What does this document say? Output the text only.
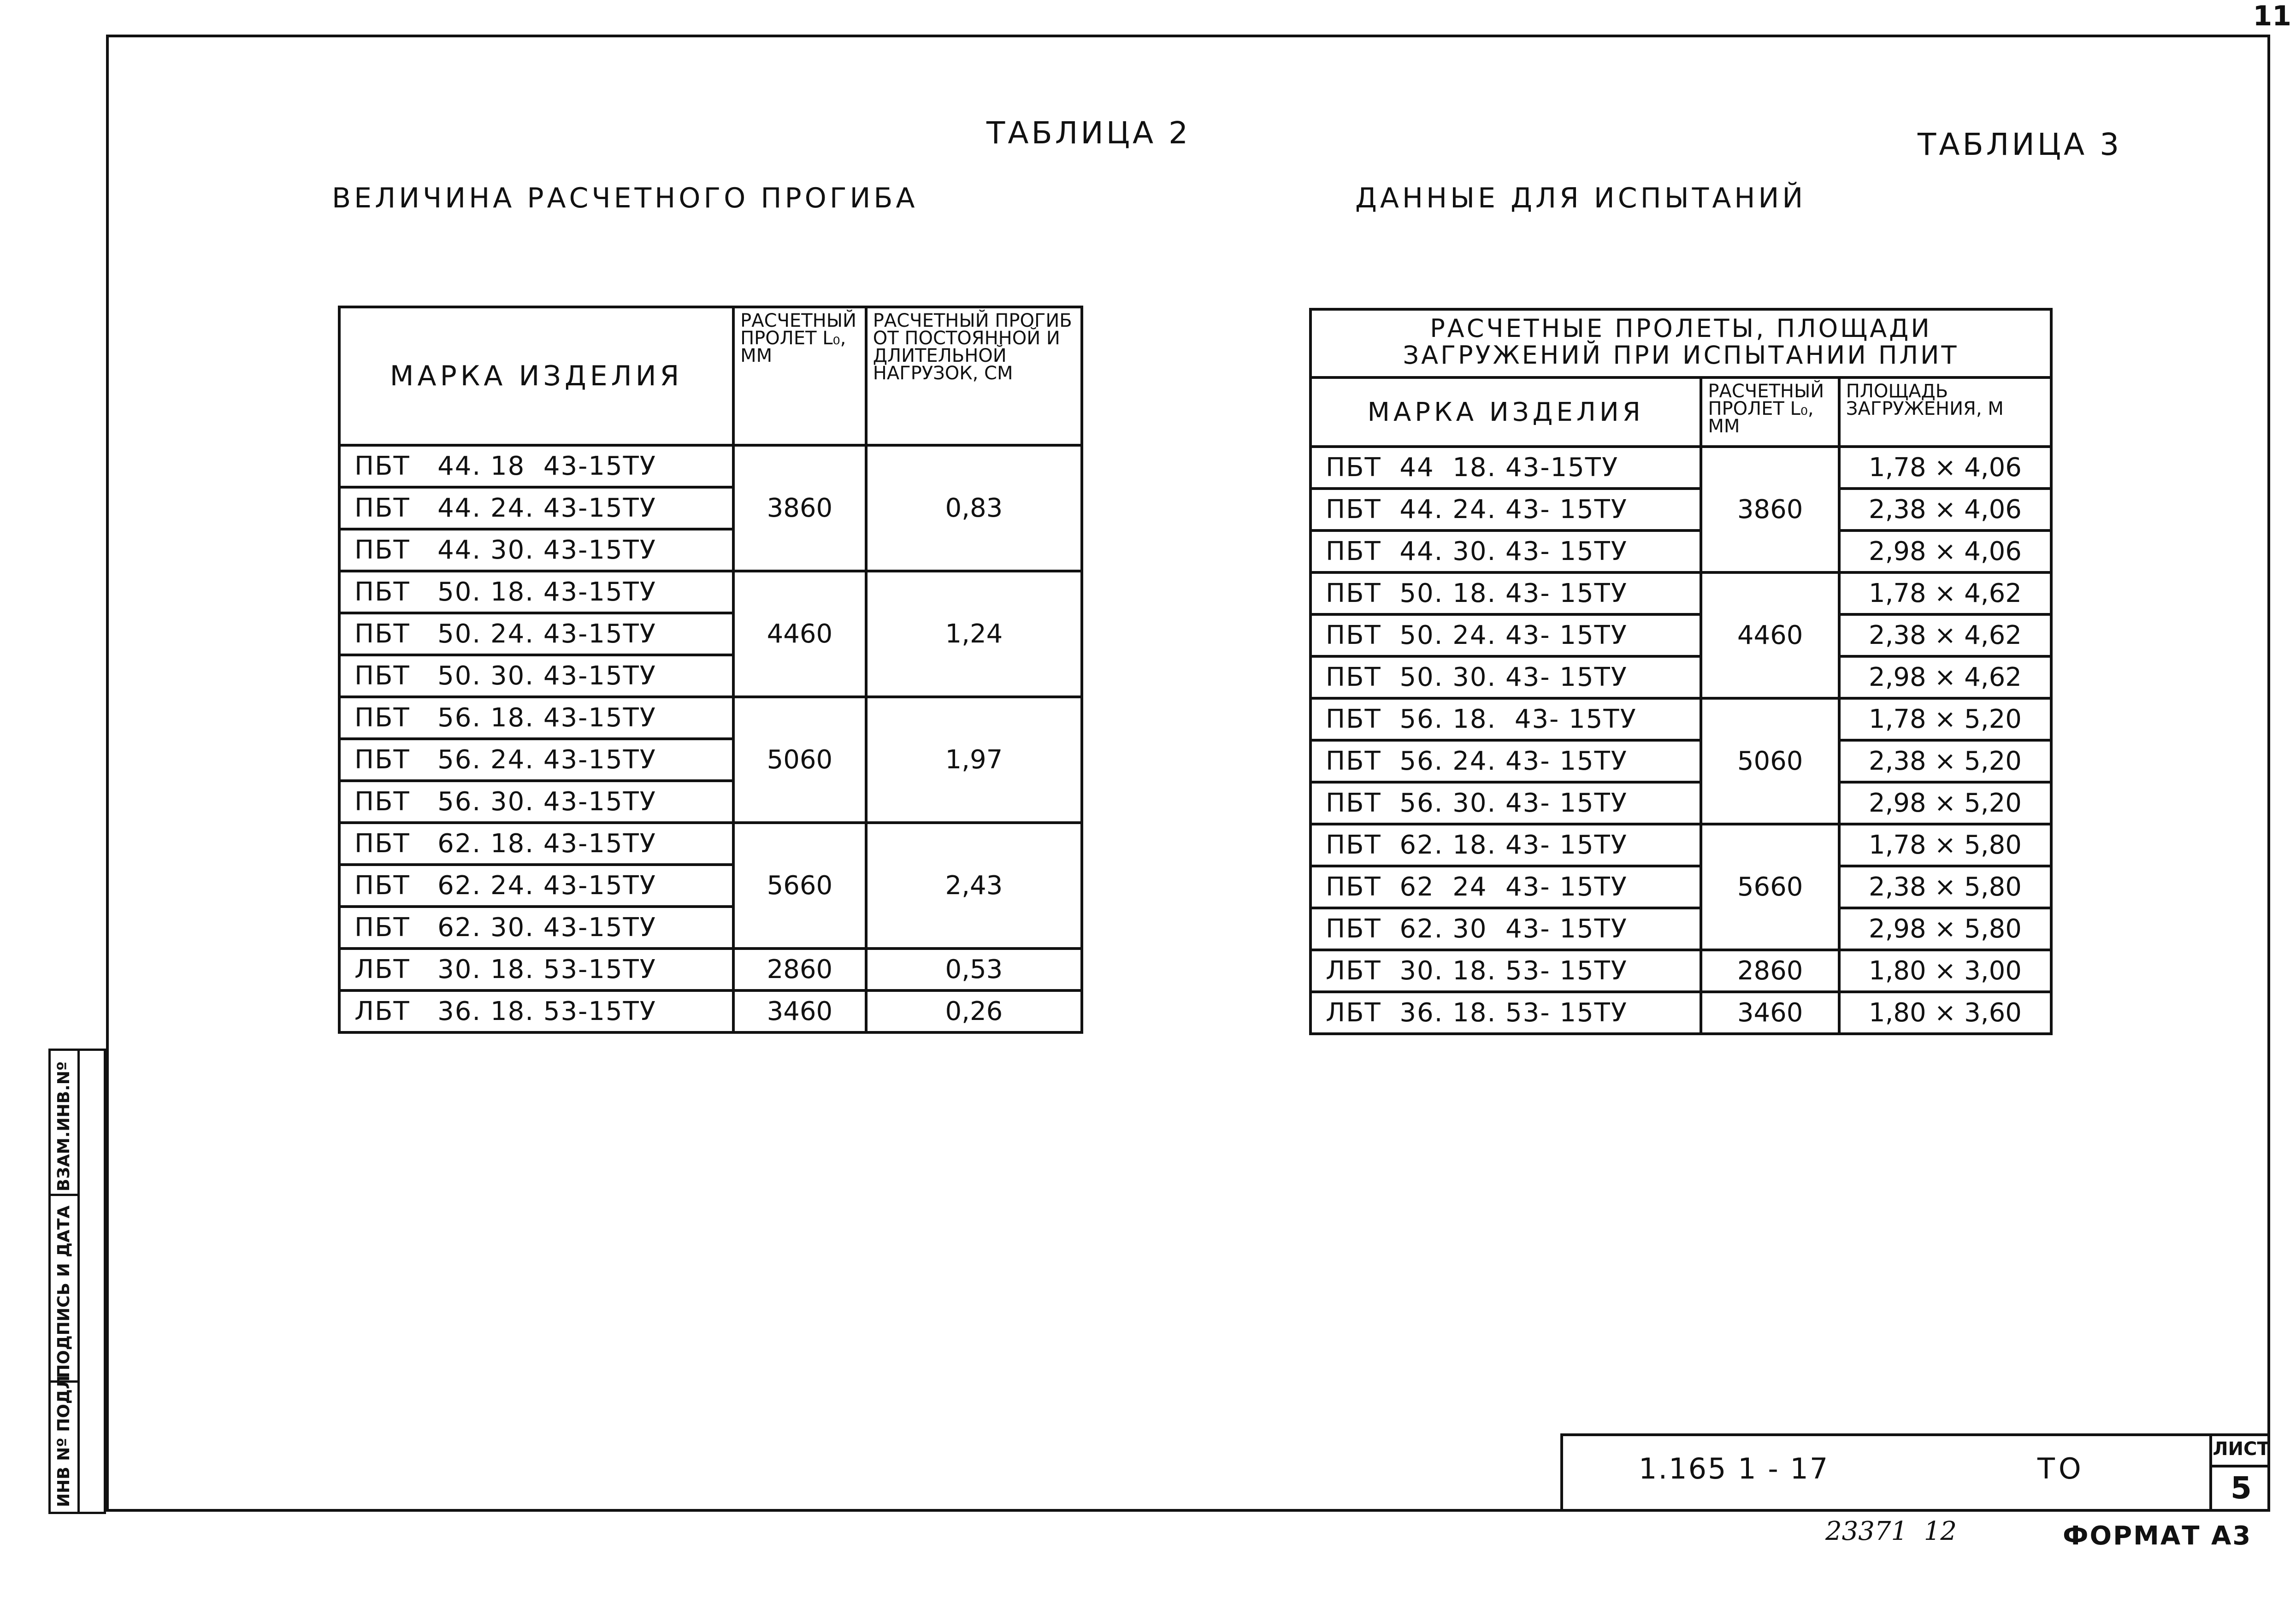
11
ТАБЛИЦА 2
ВЕЛИЧИНА РАСЧЕТНОГО ПРОГИБА
ТАБЛИЦА 3
ДАННЫЕ ДЛЯ ИСПЫТАНИЙ
МАРКА ИЗДЕЛИЯ	РАСЧЕТНЫЙ ПРОЛЕТ L₀, ММ	РАСЧЕТНЫЙ ПРОГИБ ОТ ПОСТОЯННОЙ И ДЛИТЕЛЬНОЙ НАГРУЗОК, СМ
ПБТ   44. 18  43-15ТУ	3860	0,83
ПБТ   44. 24. 43-15ТУ		
ПБТ   44. 30. 43-15ТУ		
ПБТ   50. 18. 43-15ТУ	4460	1,24
ПБТ   50. 24. 43-15ТУ		
ПБТ   50. 30. 43-15ТУ		
ПБТ   56. 18. 43-15ТУ	5060	1,97
ПБТ   56. 24. 43-15ТУ		
ПБТ   56. 30. 43-15ТУ		
ПБТ   62. 18. 43-15ТУ	5660	2,43
ПБТ   62. 24. 43-15ТУ		
ПБТ   62. 30. 43-15ТУ		
ЛБТ   30. 18. 53-15ТУ	2860	0,53
ЛБТ   36. 18. 53-15ТУ	3460	0,26
РАСЧЕТНЫЕ ПРОЛЕТЫ, ПЛОЩАДИ ЗАГРУЖЕНИЙ ПРИ ИСПЫТАНИИ ПЛИТ		
МАРКА ИЗДЕЛИЯ	РАСЧЕТНЫЙ ПРОЛЕТ L₀, ММ	ПЛОЩАДЬ ЗАГРУЖЕНИЯ, М
ПБТ  44  18. 43-15ТУ	3860	1,78 × 4,06
ПБТ  44. 24. 43- 15ТУ		2,38 × 4,06
ПБТ  44. 30. 43- 15ТУ		2,98 × 4,06
ПБТ  50. 18. 43- 15ТУ	4460	1,78 × 4,62
ПБТ  50. 24. 43- 15ТУ		2,38 × 4,62
ПБТ  50. 30. 43- 15ТУ		2,98 × 4,62
ПБТ  56. 18.  43- 15ТУ	5060	1,78 × 5,20
ПБТ  56. 24. 43- 15ТУ		2,38 × 5,20
ПБТ  56. 30. 43- 15ТУ		2,98 × 5,20
ПБТ  62. 18. 43- 15ТУ	5660	1,78 × 5,80
ПБТ  62  24  43- 15ТУ		2,38 × 5,80
ПБТ  62. 30  43- 15ТУ		2,98 × 5,80
ЛБТ  30. 18. 53- 15ТУ	2860	1,80 × 3,00
ЛБТ  36. 18. 53- 15ТУ	3460	1,80 × 3,60
ВЗАМ.ИНВ.Nº
ПОДПИСЬ И ДАТА
ИНВ Nº ПОДЛ	1.165 1 - 17	ТО
ЛИСТ
5
23371  12	ФОРМАТ А3
